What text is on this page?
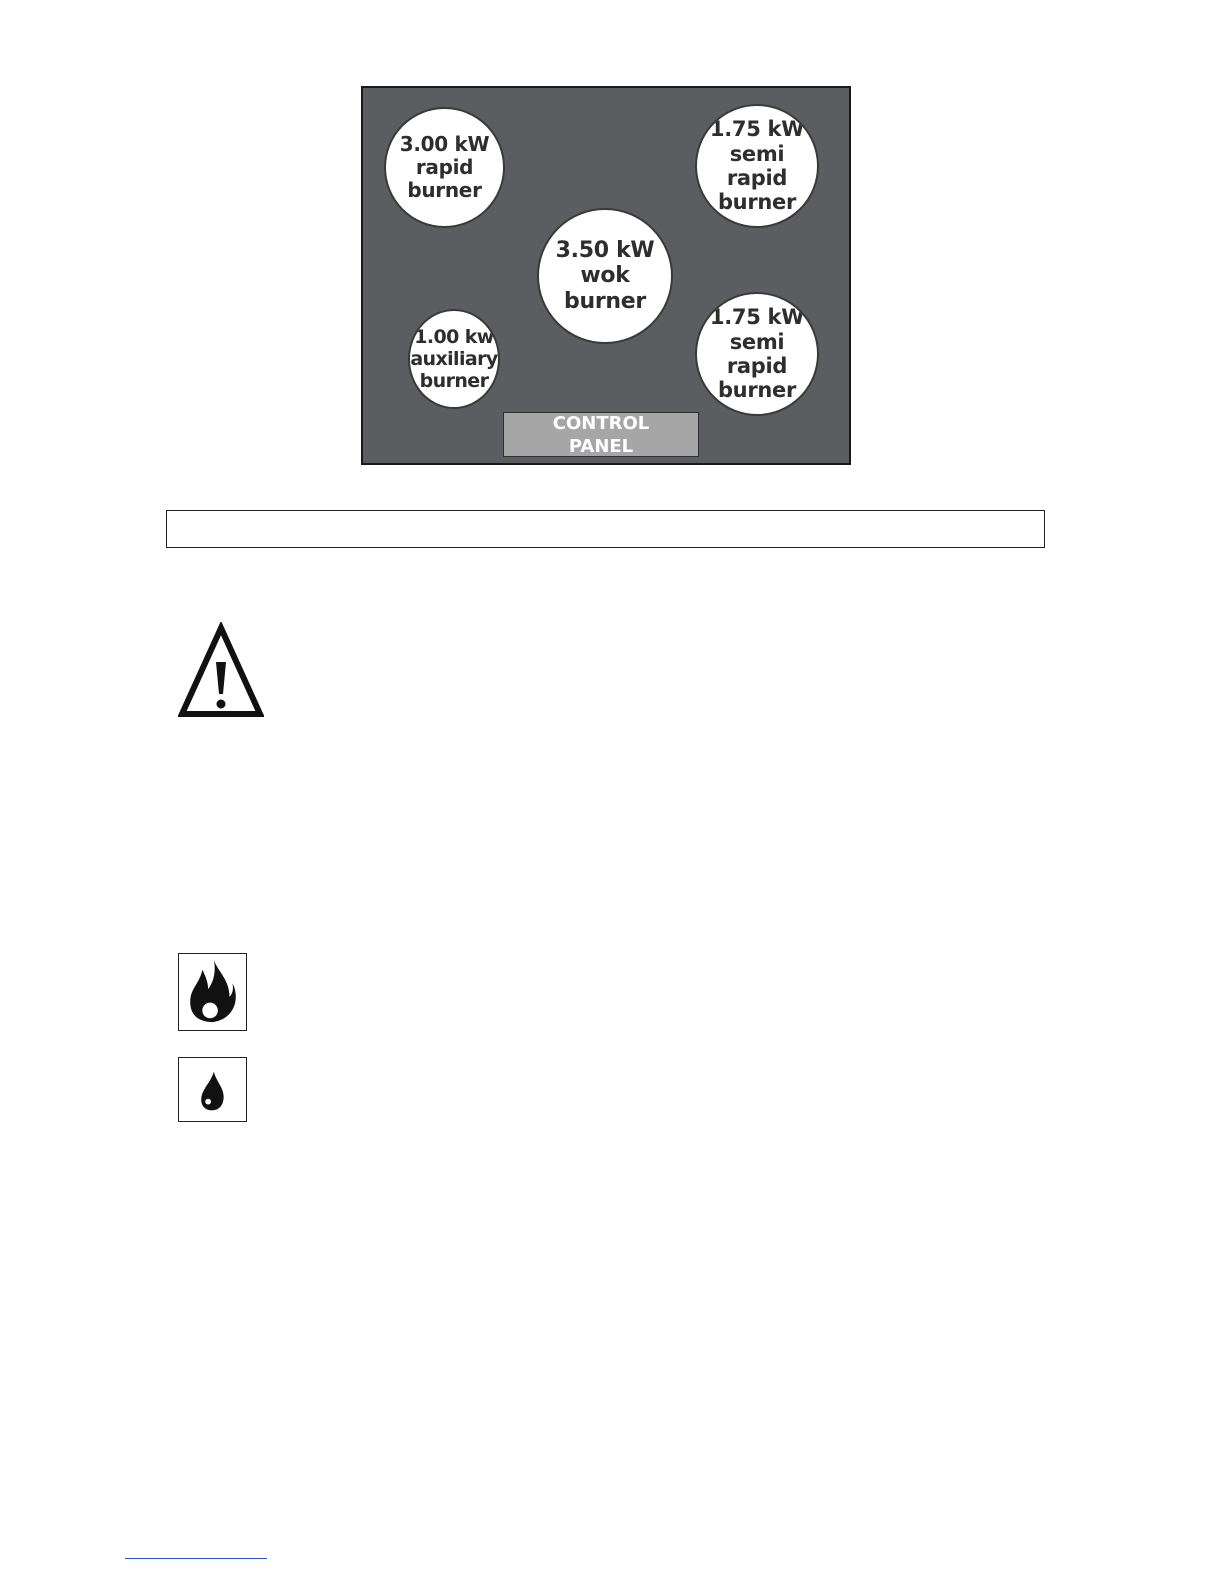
3.00 kW
rapid
burner
1.75 kW
semi
rapid
burner
3.50 kW
wok
burner
1.00 kw
auxiliary
burner
1.75 kW
semi
rapid
burner
CONTROL
PANEL
